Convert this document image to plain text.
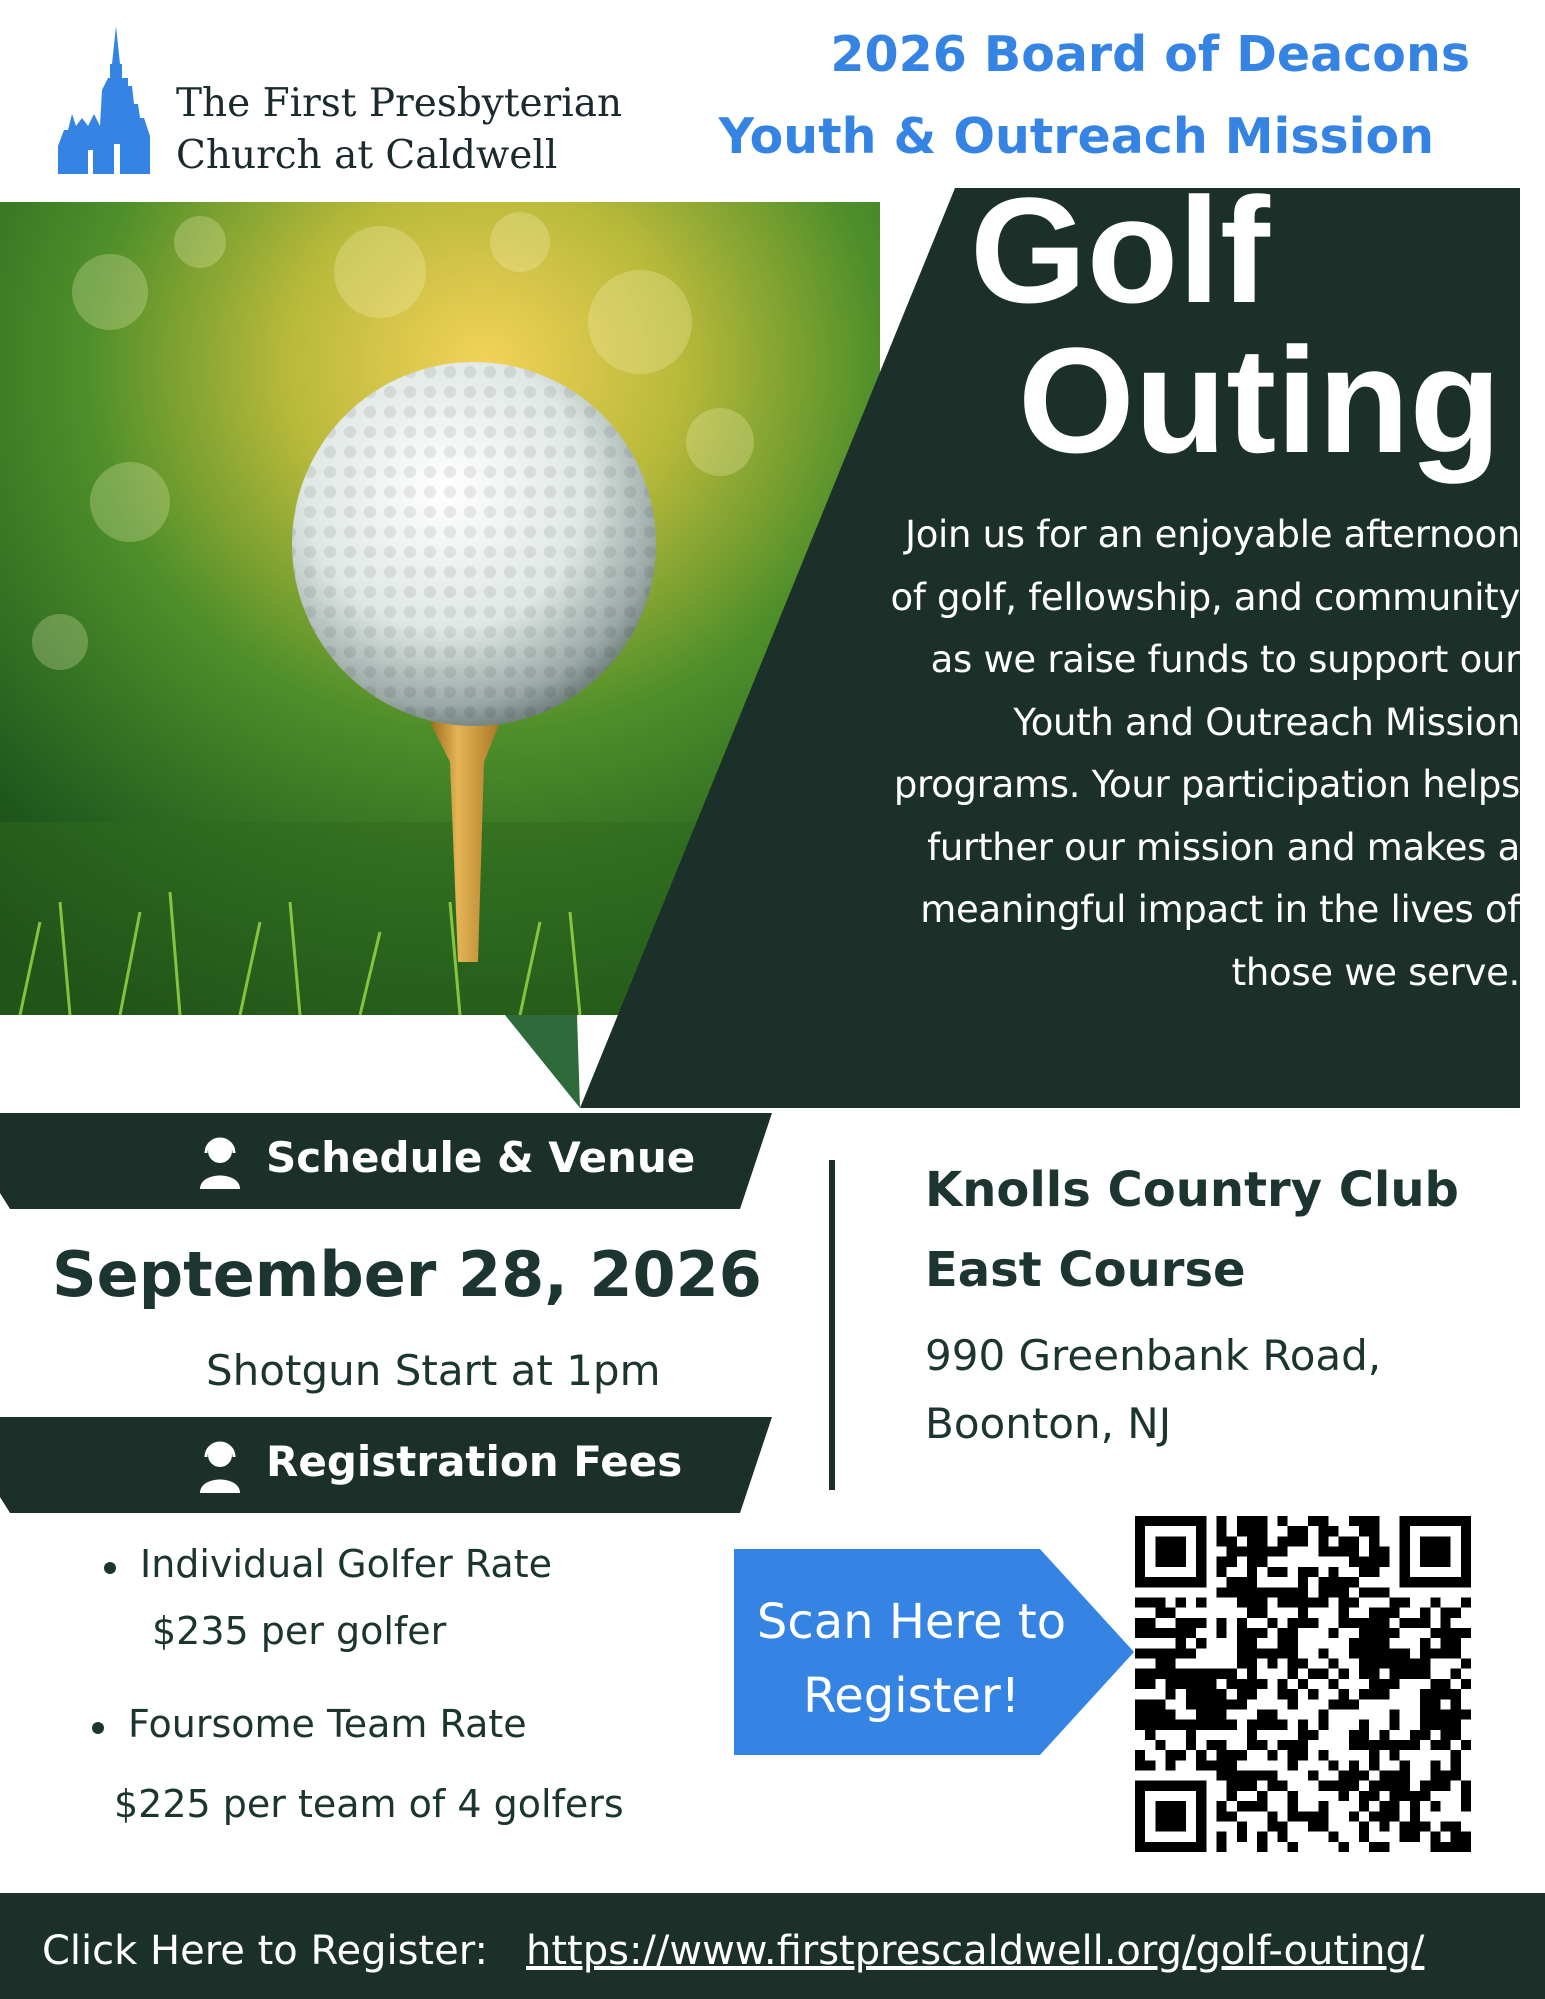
The First Presbyterian
Church at Caldwell
2026 Board of Deacons
Youth & Outreach Mission
Golf
Outing
Join us for an enjoyable afternoon
of golf, fellowship, and community
as we raise funds to support our
Youth and Outreach Mission
programs. Your participation helps
further our mission and makes a
meaningful impact in the lives of
those we serve.
Schedule & Venue
September 28, 2026
Shotgun Start at 1pm
Knolls Country Club
East Course
990 Greenbank Road,
Boonton, NJ
Registration Fees
Individual Golfer Rate
$235 per golfer
Foursome Team Rate
$225 per team of 4 golfers
Scan Here to
Register!
Click Here to Register: https://www.firstprescaldwell.org/golf-outing/
